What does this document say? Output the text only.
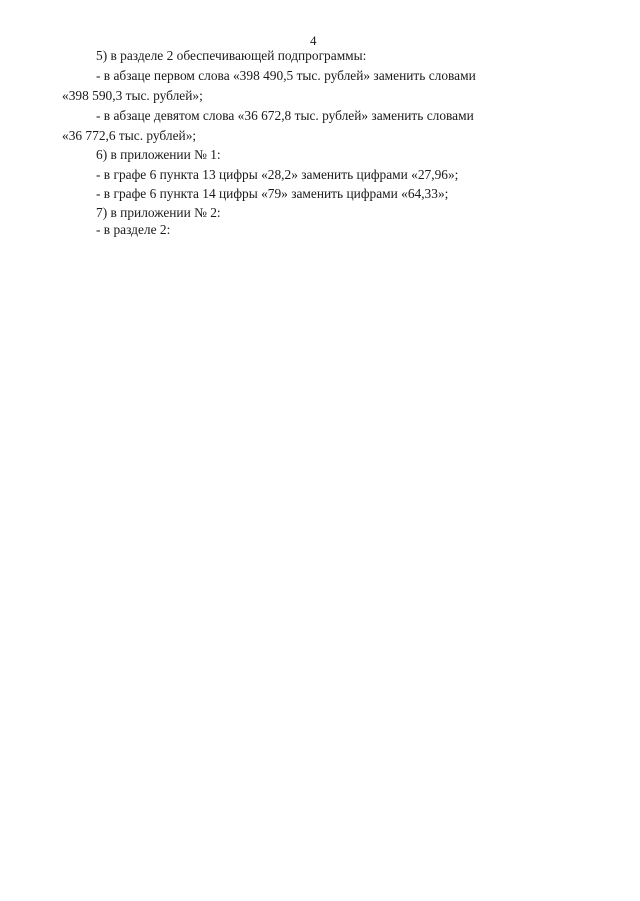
4
5) в разделе 2 обеспечивающей подпрограммы:
- в абзаце первом слова «398 490,5 тыс. рублей» заменить словами
«398 590,3 тыс. рублей»;
- в абзаце девятом слова «36 672,8 тыс. рублей» заменить словами
«36 772,6 тыс. рублей»;
6) в приложении № 1:
- в графе 6 пункта 13 цифры «28,2» заменить цифрами «27,96»;
- в графе 6 пункта 14 цифры «79» заменить цифрами «64,33»;
7) в приложении № 2:
- в разделе 2:
